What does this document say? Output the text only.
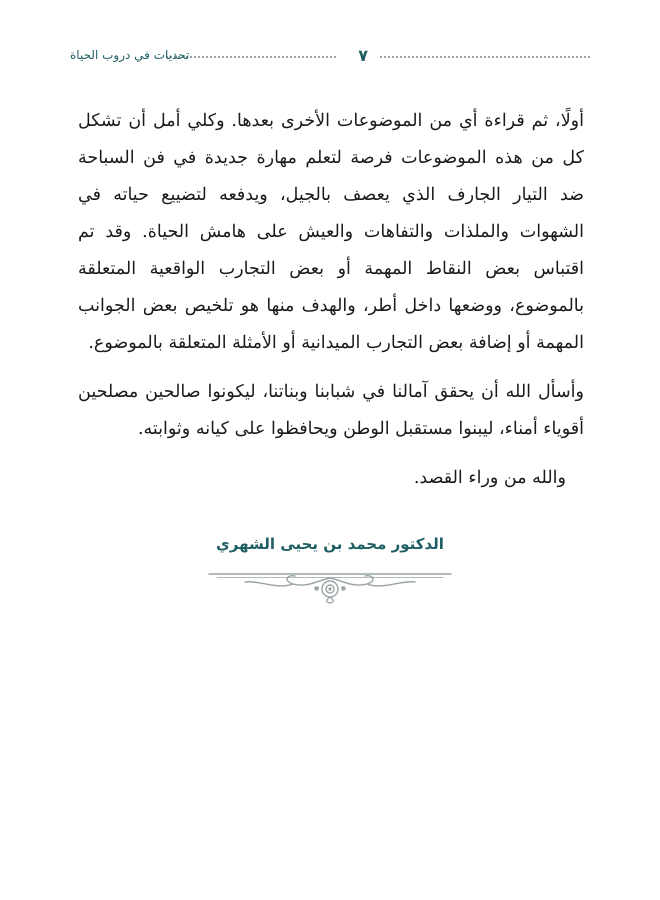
٧
تحديات في دروب الحياة

أولًا، ثم قراءة أي من الموضوعات الأخرى بعدها. وكلي أمل أن تشكل كل من هذه الموضوعات فرصة لتعلم مهارة جديدة في فن السباحة ضد التيار الجارف الذي يعصف بالجيل، ويدفعه لتضييع حياته في الشهوات والملذات والتفاهات والعيش على هامش الحياة. وقد تم اقتباس بعض النقاط المهمة أو بعض التجارب الواقعية المتعلقة بالموضوع، ووضعها داخل أطر، والهدف منها هو تلخيص بعض الجوانب المهمة أو إضافة بعض التجارب الميدانية أو الأمثلة المتعلقة بالموضوع.

وأسأل الله أن يحقق آمالنا في شبابنا وبناتنا، ليكونوا صالحين مصلحين أقوياء أمناء، ليبنوا مستقبل الوطن ويحافظوا على كيانه وثوابته.

والله من وراء القصد.

الدكتور محمد بن يحيى الشهري
